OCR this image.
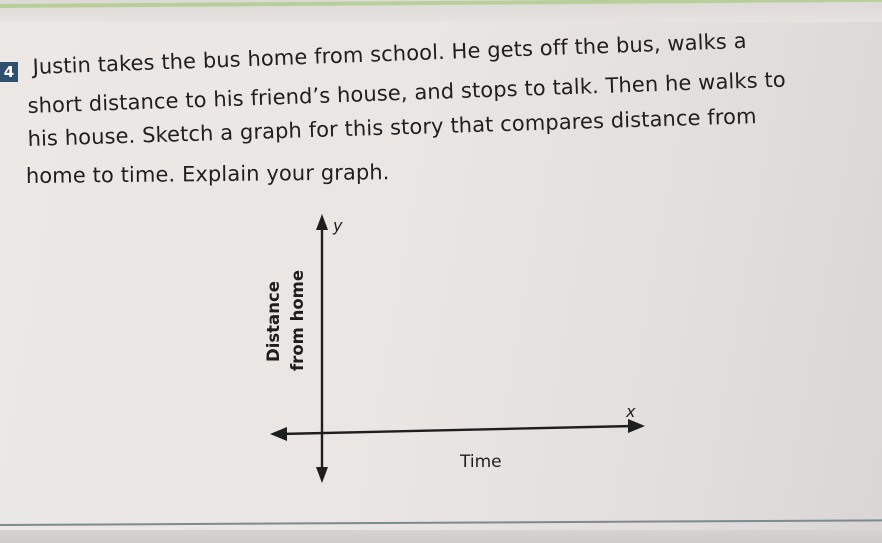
4 Justin takes the bus home from school. He gets off the bus, walks a
short distance to his friend’s house, and stops to talk. Then he walks to
his house. Sketch a graph for this story that compares distance from
home to time. Explain your graph.
y
x
Distance from home
Time
